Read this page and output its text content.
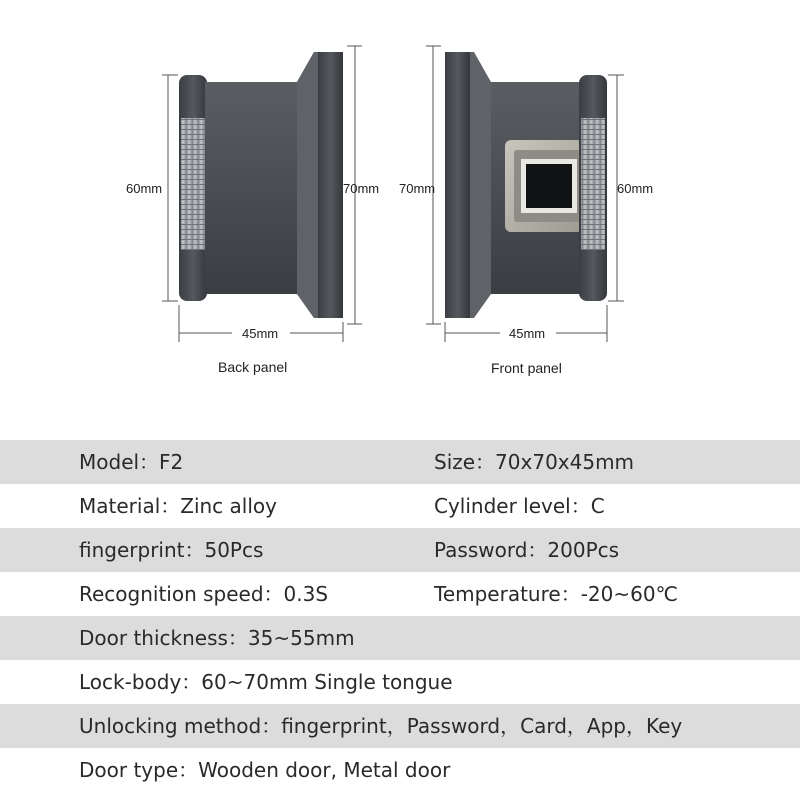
60mm	70mm
45mm
Back panel
70mm	60mm
45mm
Front panel
Model：F2	Size：70x70x45mm
Material：Zinc alloy	Cylinder level：C
fingerprint：50Pcs	Password：200Pcs
Recognition speed：0.3S	Temperature：-20~60℃
Door thickness：35~55mm
Lock-body：60~70mm Single tongue
Unlocking method：fingerprint，Password，Card，App，Key
Door type：Wooden door, Metal door
